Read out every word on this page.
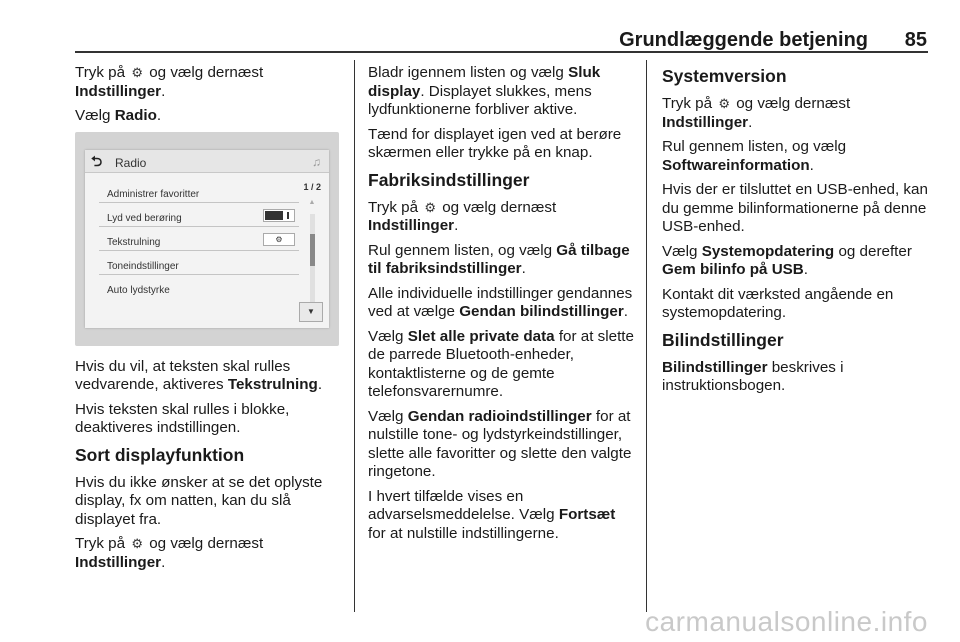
Grundlæggende betjening 85

Tryk på ⚙ og vælg dernæst Indstillinger.

Vælg Radio.

⮌ Radio	♫
Administrer favoritter
Lyd ved berøring
Tekstrulning	⚙
Toneindstillinger
Auto lydstyrke
1 / 2
▲
▼

Hvis du vil, at teksten skal rulles vedvarende, aktiveres Tekstrulning.

Hvis teksten skal rulles i blokke, deaktiveres indstillingen.

Sort displayfunktion

Hvis du ikke ønsker at se det oplyste display, fx om natten, kan du slå displayet fra.

Tryk på ⚙ og vælg dernæst Indstillinger.

Bladr igennem listen og vælg Sluk display. Displayet slukkes, mens lydfunktionerne forbliver aktive.

Tænd for displayet igen ved at berøre skærmen eller trykke på en knap.

Fabriksindstillinger

Tryk på ⚙ og vælg dernæst Indstillinger.

Rul gennem listen, og vælg Gå tilbage til fabriksindstillinger.

Alle individuelle indstillinger gendannes ved at vælge Gendan bilindstillinger.

Vælg Slet alle private data for at slette de parrede Bluetooth-enheder, kontaktlisterne og de gemte telefonsvarernumre.

Vælg Gendan radioindstillinger for at nulstille tone- og lydstyrkeindstillinger, slette alle favoritter og slette den valgte ringetone.

I hvert tilfælde vises en advarselsmeddelelse. Vælg Fortsæt for at nulstille indstillingerne.

Systemversion

Tryk på ⚙ og vælg dernæst Indstillinger.

Rul gennem listen, og vælg Softwareinformation.

Hvis der er tilsluttet en USB-enhed, kan du gemme bilinformationerne på denne USB-enhed.

Vælg Systemopdatering og derefter Gem bilinfo på USB.

Kontakt dit værksted angående en systemopdatering.

Bilindstillinger

Bilindstillinger beskrives i instruktionsbogen.

carmanualsonline.info
